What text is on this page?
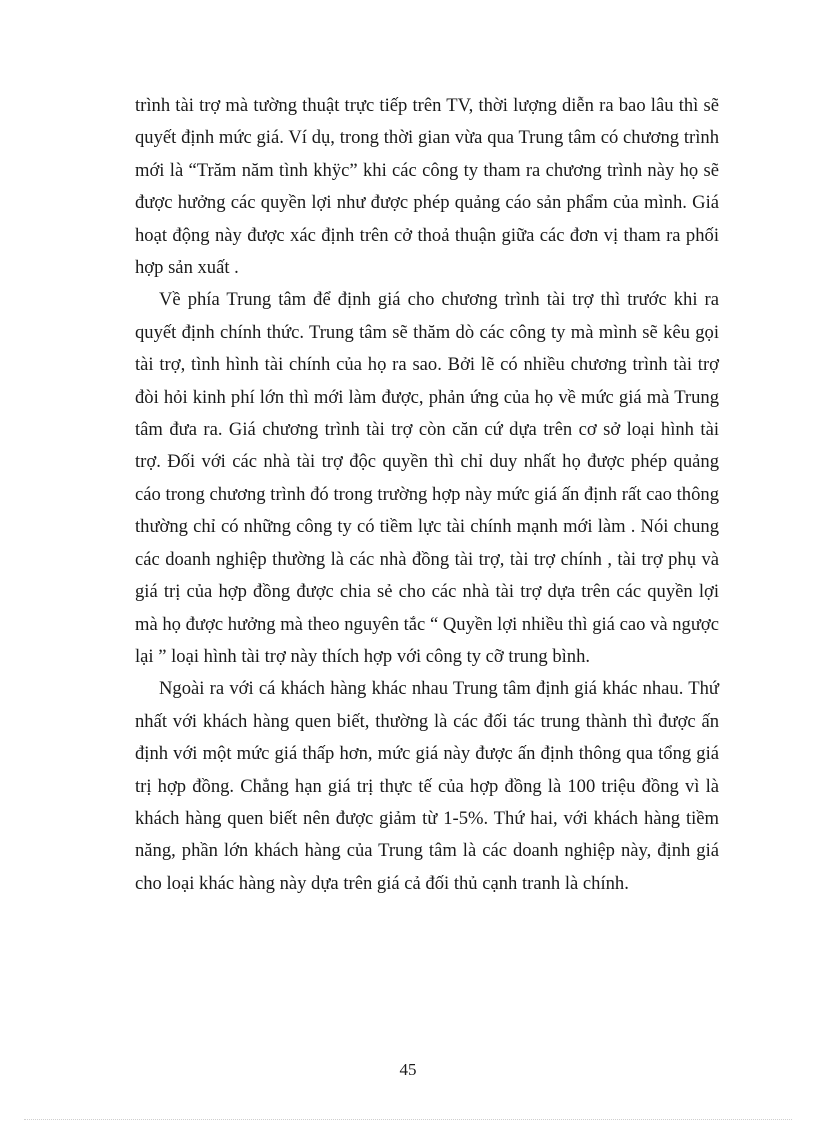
trình tài trợ mà tường thuật trực tiếp trên TV, thời lượng diễn ra bao lâu thì sẽ quyết định mức giá. Ví dụ, trong thời gian vừa qua Trung tâm có chương trình mới là “Trăm năm tình khÿc” khi các công ty tham ra chương trình này họ sẽ được hưởng các quyền lợi như được phép quảng cáo sản phẩm của mình. Giá hoạt động này được xác định trên cở thoả thuận giữa các đơn vị tham ra phối hợp sản xuất .

Về phía Trung tâm để định giá cho chương trình tài trợ thì trước khi ra quyết định chính thức. Trung tâm sẽ thăm dò các công ty mà mình sẽ kêu gọi tài trợ, tình hình tài chính của họ ra sao. Bởi lẽ có nhiều chương trình tài trợ đòi hỏi kinh phí lớn thì mới làm được, phản ứng của họ về mức giá mà Trung tâm đưa ra. Giá chương trình tài trợ còn căn cứ dựa trên cơ sở loại hình tài trợ. Đối với các nhà tài trợ độc quyền thì chỉ duy nhất họ được phép quảng cáo trong chương trình đó trong trường hợp này mức giá ấn định rất cao thông thường chỉ có những công ty có tiềm lực tài chính mạnh mới làm . Nói chung các doanh nghiệp thường là các nhà đồng tài trợ, tài trợ chính , tài trợ phụ và giá trị của hợp đồng được chia sẻ cho các nhà tài trợ dựa trên các quyền lợi mà họ được hưởng mà theo nguyên tắc “ Quyền lợi nhiều thì giá cao và ngược lại ” loại hình tài trợ này thích hợp với công ty cỡ trung bình.

Ngoài ra với cá khách hàng khác nhau Trung tâm định giá khác nhau. Thứ nhất với khách hàng quen biết, thường là các đối tác trung thành thì được ấn định với một mức giá thấp hơn, mức giá này được ấn định thông qua tổng giá trị hợp đồng. Chẳng hạn giá trị thực tế của hợp đồng là 100 triệu đồng vì là khách hàng quen biết nên được giảm từ 1-5%. Thứ hai, với khách hàng tiềm năng, phần lớn khách hàng của Trung tâm là các doanh nghiệp này, định giá cho loại khác hàng này dựa trên giá cả đối thủ cạnh tranh là chính.

45
